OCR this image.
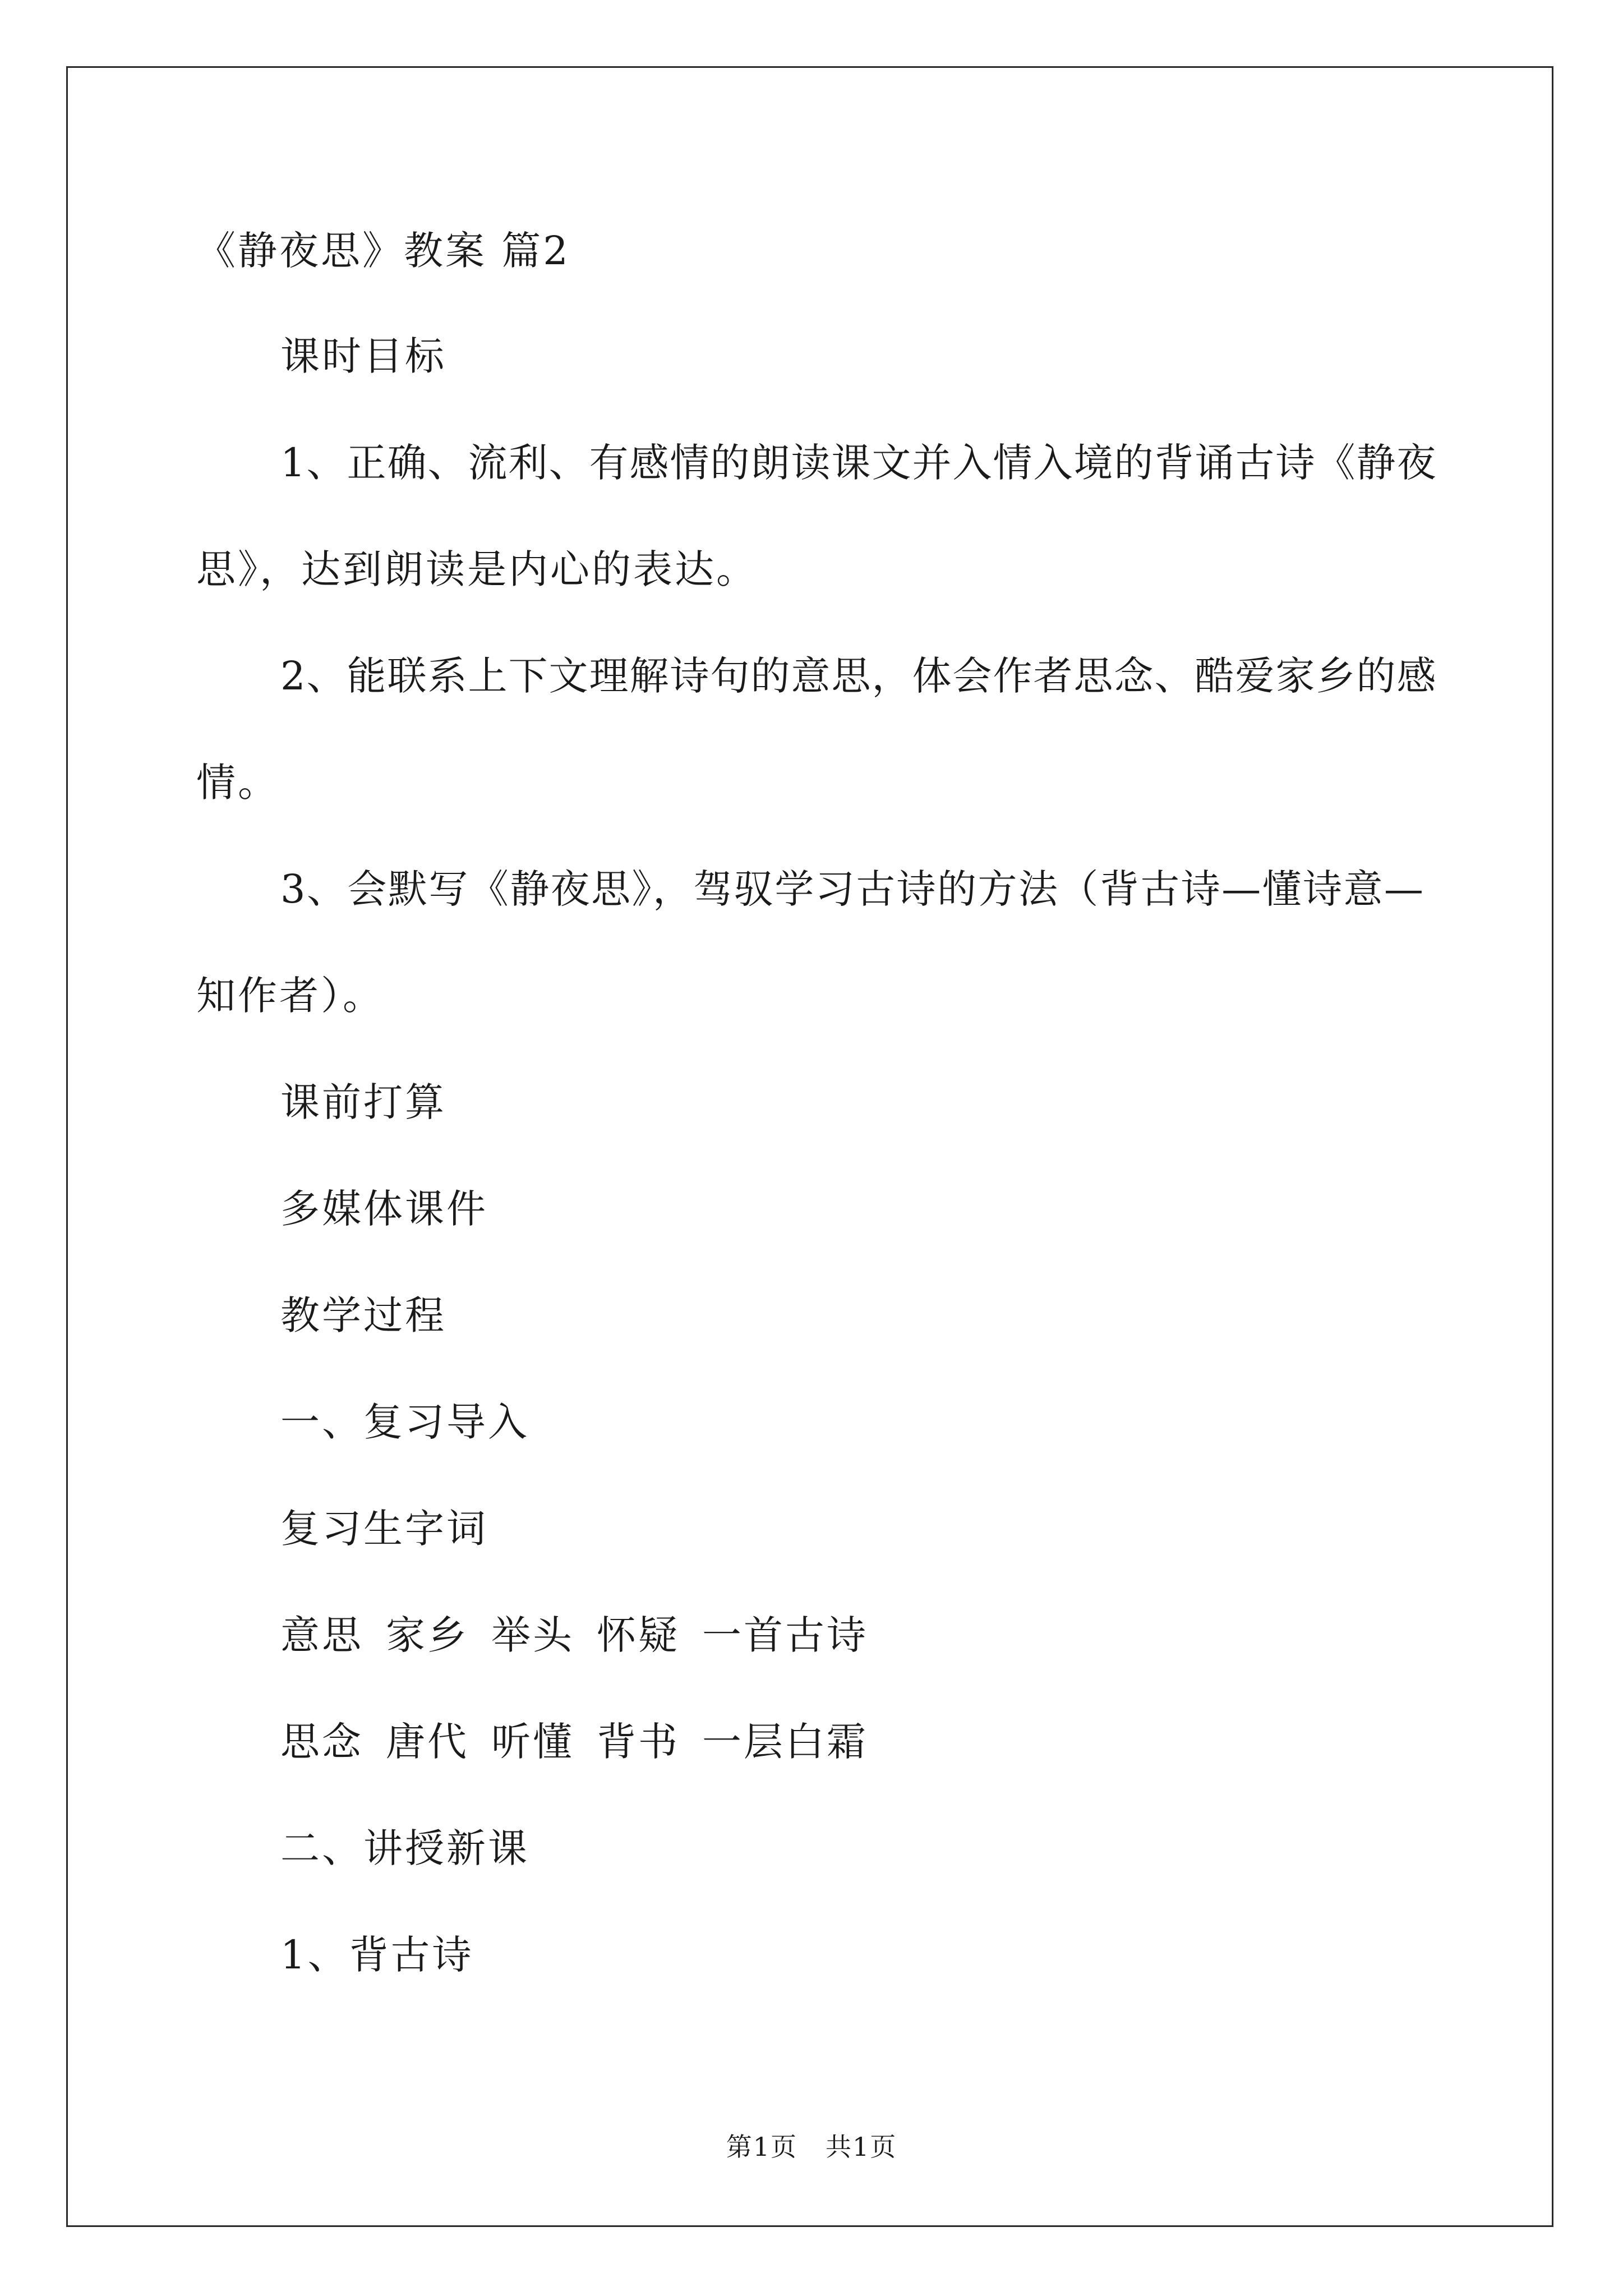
《静夜思》教案 篇2
课时目标
1、正确、流利、有感情的朗读课文并入情入境的背诵古诗《静夜
思》，达到朗读是内心的表达。
2、能联系上下文理解诗句的意思，体会作者思念、酷爱家乡的感
情。
3、会默写《静夜思》，驾驭学习古诗的方法（背古诗—懂诗意—
知作者）。
课前打算
多媒体课件
教学过程
一、复习导入
复习生字词
意思 家乡 举头 怀疑 一首古诗
思念 唐代 听懂 背书 一层白霜
二、讲授新课
1、背古诗
第1页 共1页
